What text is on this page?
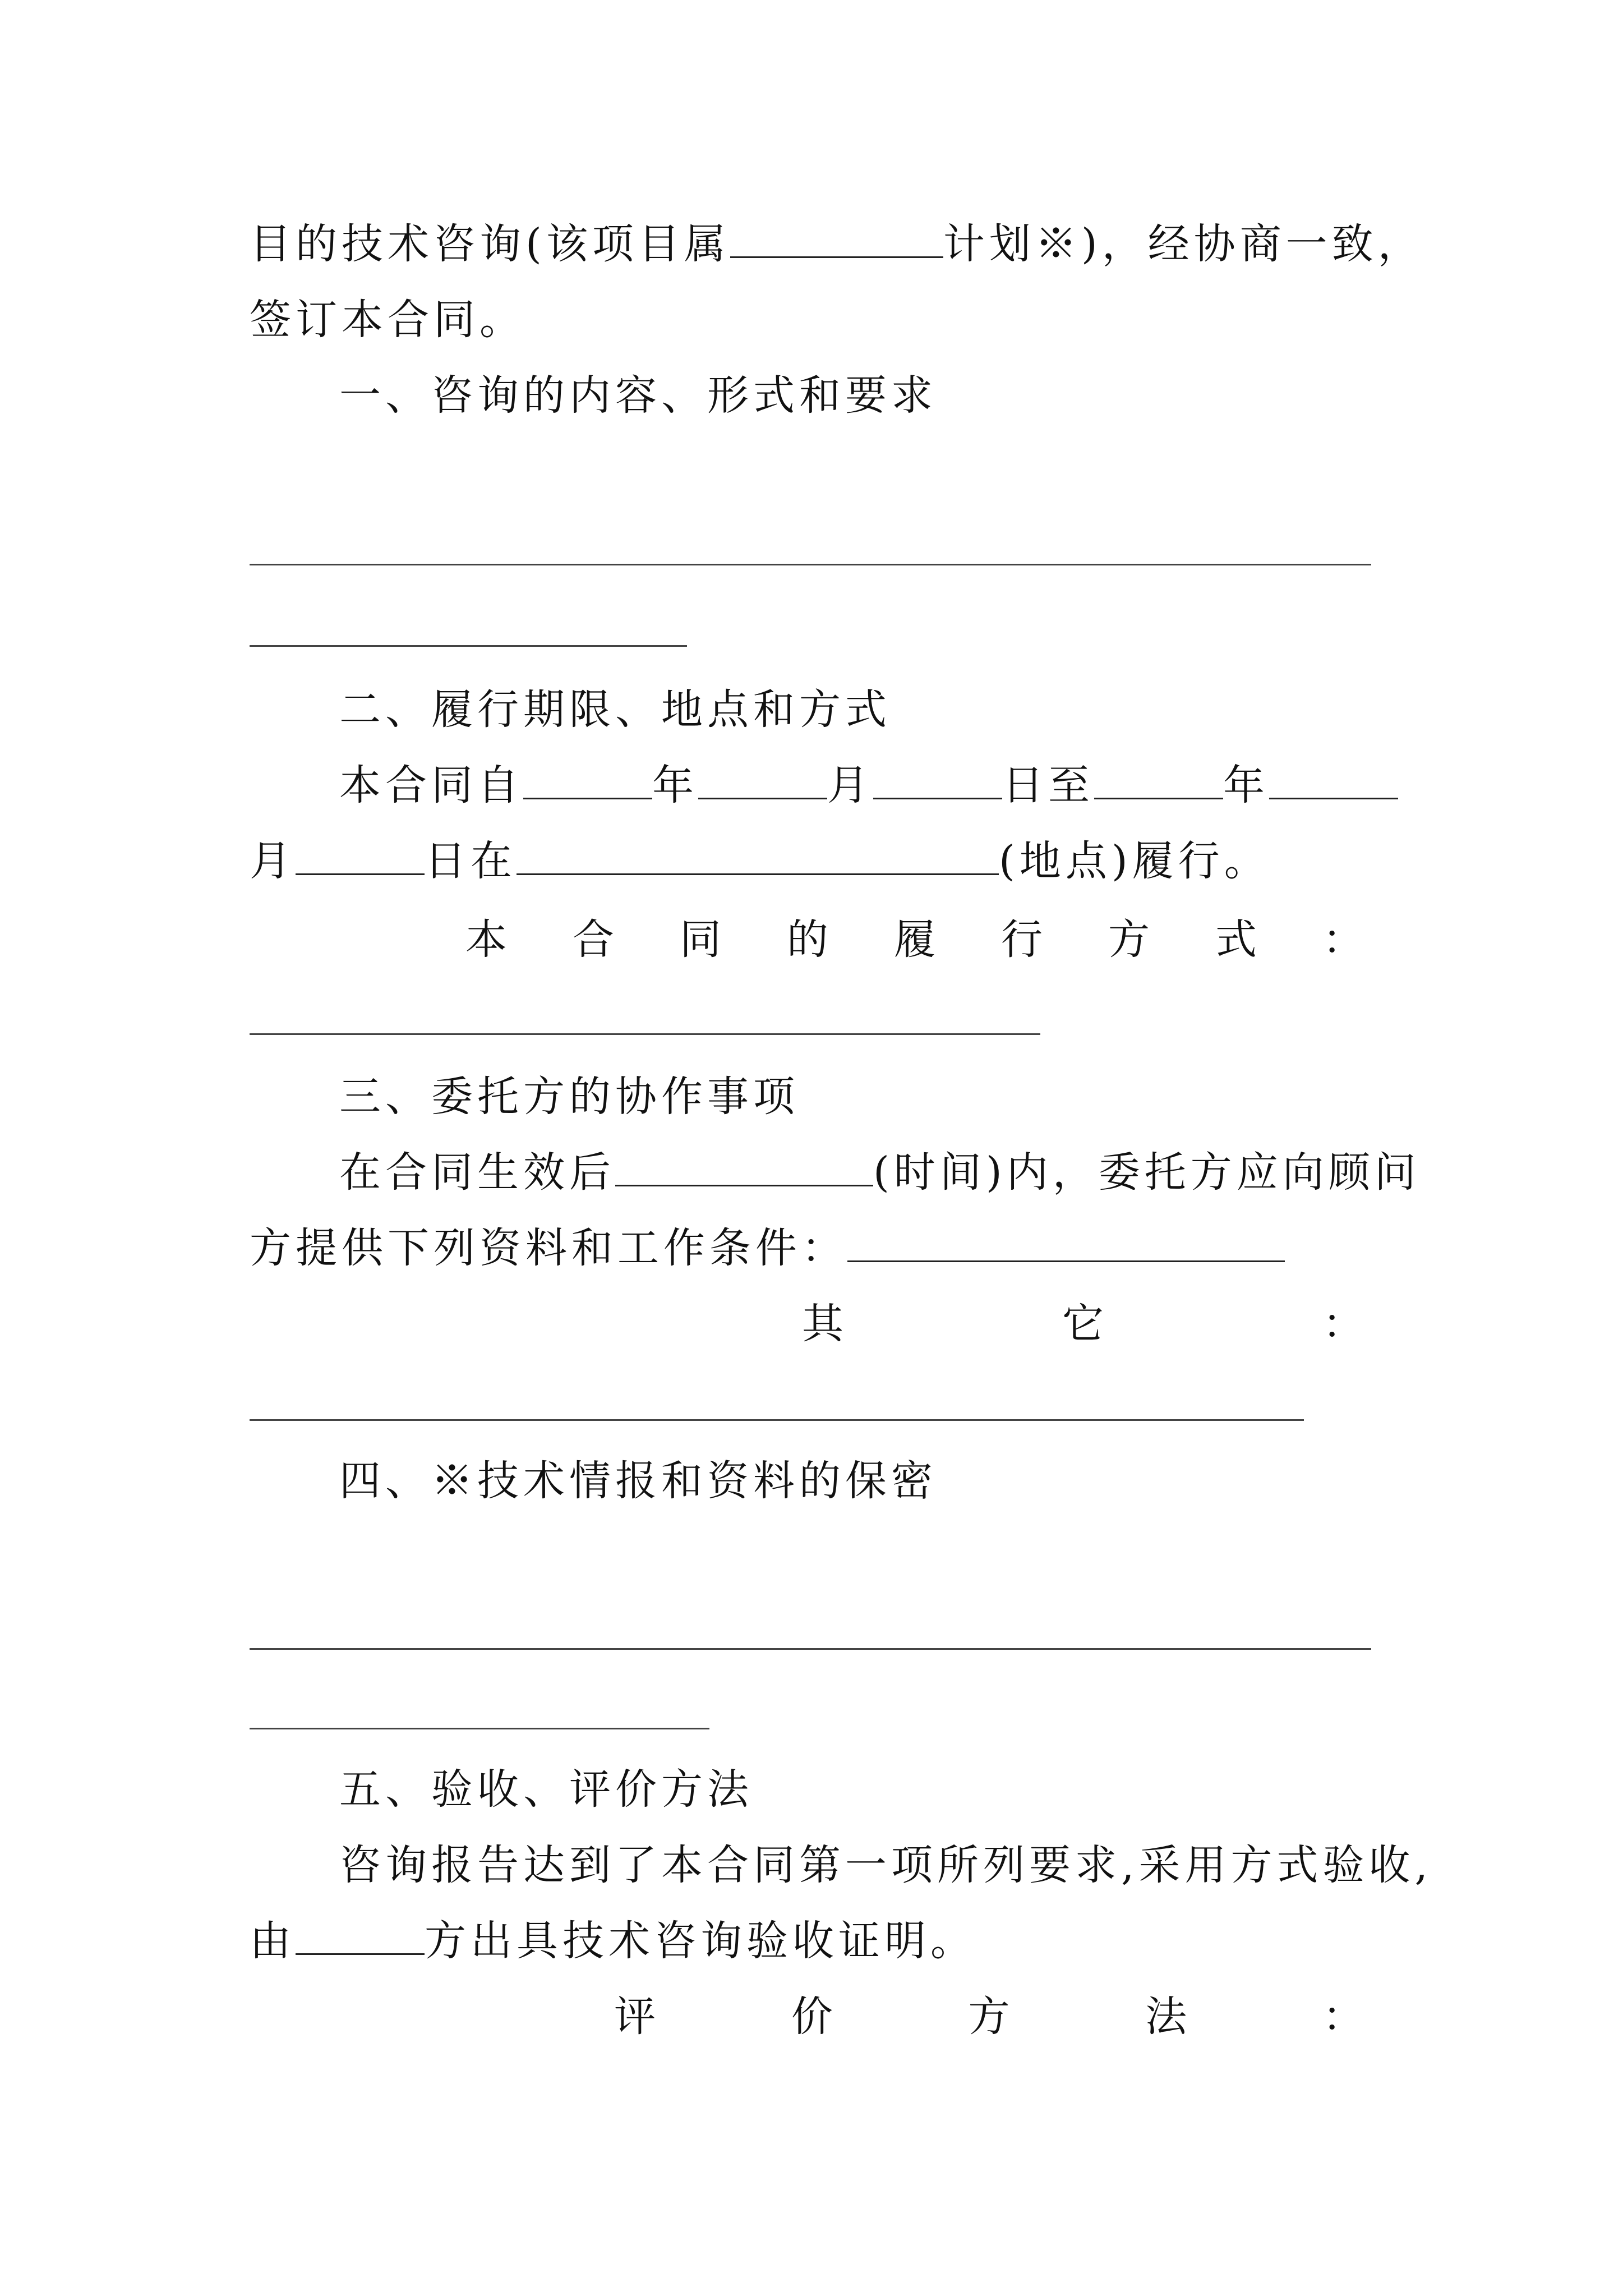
目的技术咨询(该项目属	计划※)，经协商一致，
签订本合同。
一、咨询的内容、形式和要求
二、履行期限、地点和方式
本合同自	年	月	日至	年
月	日在	(地点)履行。
本 合 同 的 履 行 方 式 ：
三、委托方的协作事项
在合同生效后	(时间)内，委托方应向顾问
方提供下列资料和工作条件：
其	它	：
四、※技术情报和资料的保密
五、验收、评价方法
咨询报告达到了本合同第一项所列要求,采用方式验收,
由	方出具技术咨询验收证明。
评	价	方	法	：
